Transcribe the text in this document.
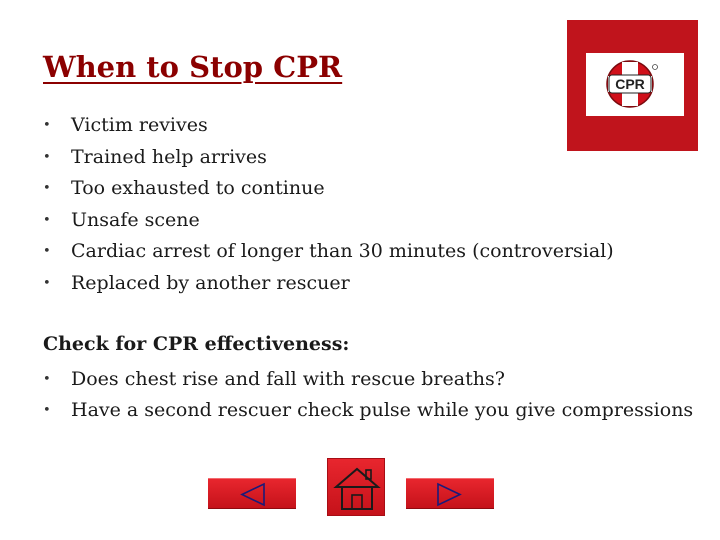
When to Stop CPR	CPR
• Victim revives
• Trained help arrives
• Too exhausted to continue
• Unsafe scene
• Cardiac arrest of longer than 30 minutes (controversial)
• Replaced by another rescuer

Check for CPR effectiveness:

• Does chest rise and fall with rescue breaths?
• Have a second rescuer check pulse while you give compressions
